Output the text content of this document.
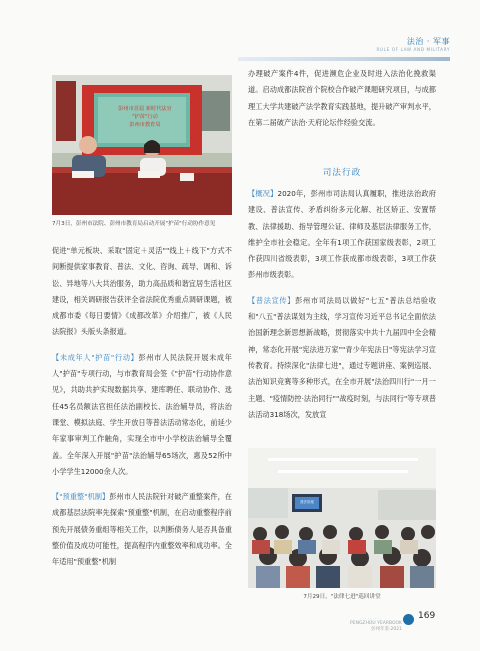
法治 · 军事
RULE OF LAW AND MILITARY
彭州市首届 新时代法官
"护苗"行动
彭州市教育局
7月3日，彭州市法院、彭州市教育局启动开展"护苗"行动协作意见

促进"单元板块、采取"固定＋灵活""线上＋线下"方式不间断提供家事教育、普法、文化、咨询、疏导、调和、诉讼、异地等八大共治服务，助力高品质和谐宜居生活社区建设，相关调研报告获评全省法院优秀重点调研课题，被成都市委《每日要情》《成都改革》介绍推广，被《人民法院报》头版头条报道。

【未成年人"护苗"行动】彭州市人民法院开展未成年人"护苗"专项行动，与市教育局会签《"护苗"行动协作意见》，共助共护实现数据共享、建库聘任、联动协作、选任45名员额法官担任法治副校长、法治辅导员，将法治课堂、模拟法庭、学生开放日等普法活动常态化，前延少年家事审判工作触角，实现全市中小学校法治辅导全覆盖。全年深入开展"护苗"法治辅导65场次，惠及52所中小学学生12000余人次。

【"预重整"机制】彭州市人民法院针对破产重整案件，在成都基层法院率先探索"预重整"机制，在启动重整程序前预先开展债务重组等相关工作，以判断债务人是否具备重整价值及成功可能性，提高程序内重整效率和成功率。全年适用"预重整"机制

办理破产案件4件，促进濒危企业及时进入法治化挽救渠道。启动成都法院首个院校合作破产课题研究项目，与成都理工大学共建破产法学教育实践基地，提升破产审判水平，在第二届破产法治·天府论坛作经验交流。

司法行政

【概况】2020年，彭州市司法局认真履职，推进法治政府建设、普法宣传、矛盾纠纷多元化解、社区矫正、安置帮教、法律援助、指导管理公证、律师及基层法律服务工作，维护全市社会稳定。全年有1项工作获国家级表彰，2项工作获四川省级表彰，3项工作获成都市级表彰，3项工作获彭州市级表彰。

【普法宣传】彭州市司法局以做好"七五"普法总结验收和"八五"普法谋划为主线，学习宣传习近平总书记全面依法治国新理念新思想新战略，贯彻落实中共十九届四中全会精神，常态化开展"宪法进万家""青少年宪法日"等宪法学习宣传教育。持续深化"法律七进"，通过专题讲座、案例巡展、法治知识竞赛等多种形式，在全市开展"法治四川行"一月一主题、"疫情防控·法治同行""战疫时刻，与法同行"等专项普法活动318场次，发放宣

普法讲座
7月29日，"法律七进"巡回讲堂
· · · · · · · · ·
PENGZHOU YEARBOOK
彭州年鉴·2021
169
